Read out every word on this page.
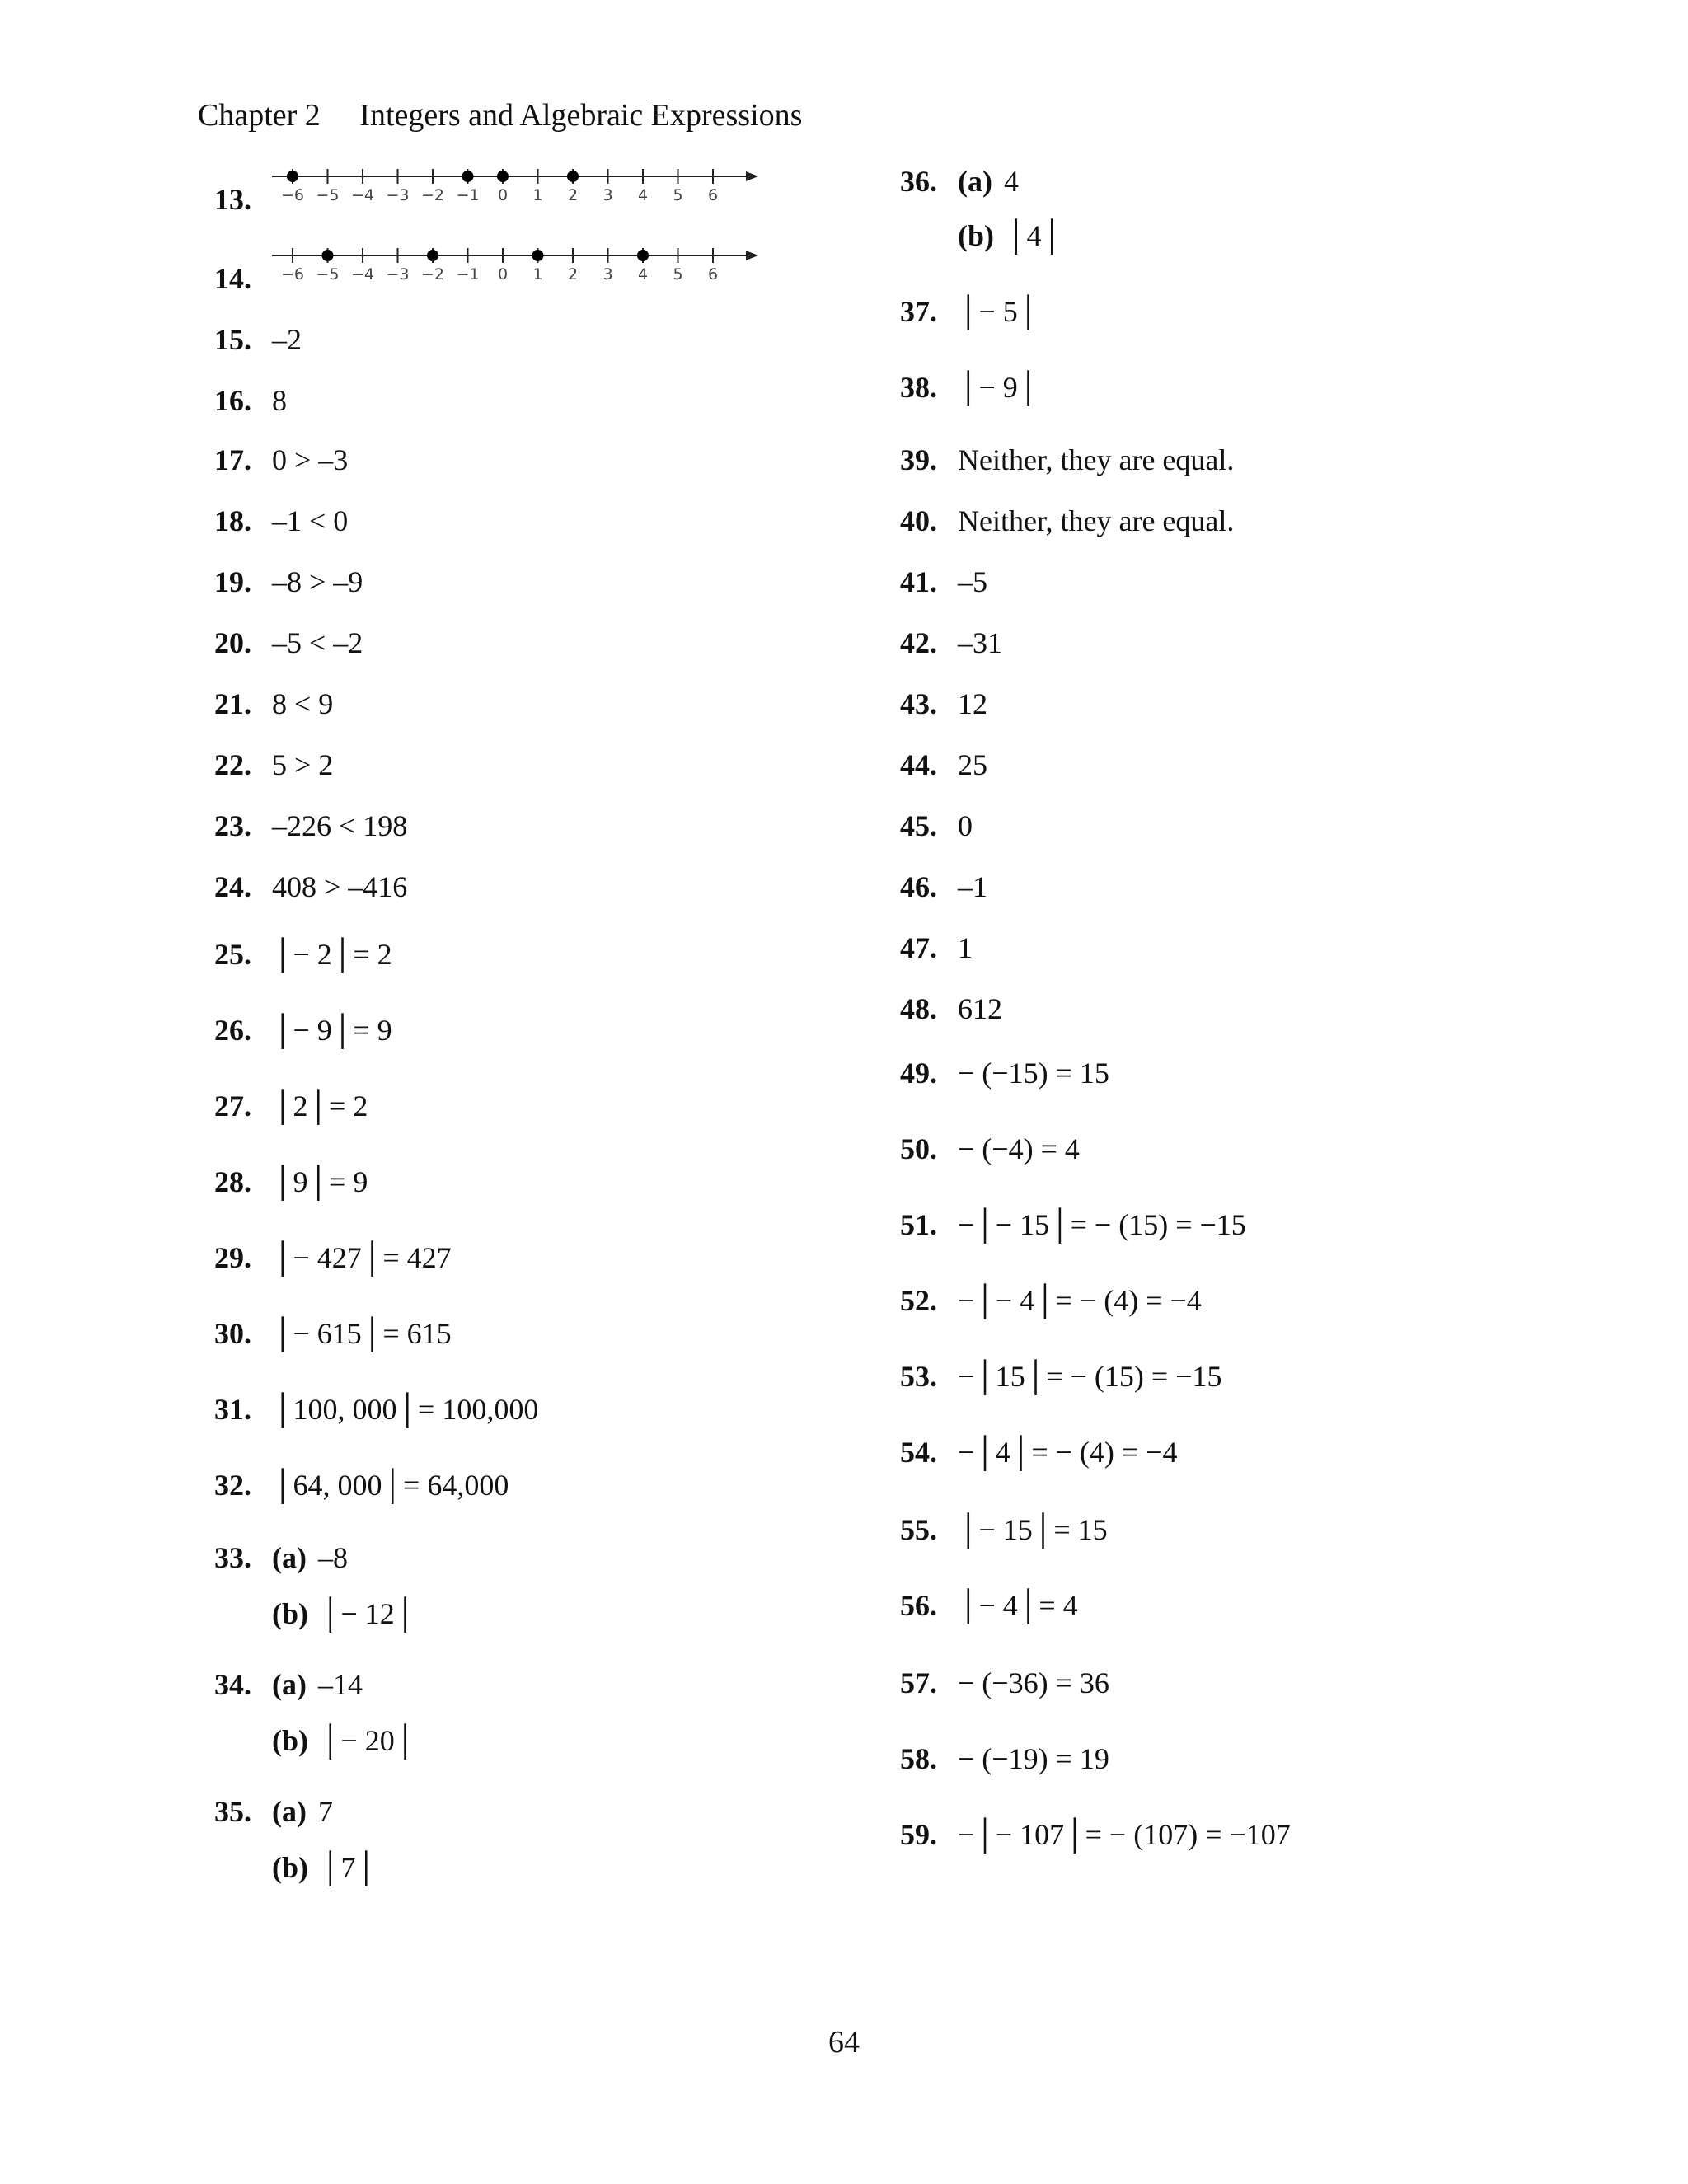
Chapter 2 Integers and Algebraic Expressions
13. −6 −5 −4 −3 −2 −1 0 1 2 3 4 5 6
14. −6 −5 −4 −3 −2 −1 0 1 2 3 4 5 6
15. –2
16. 8
17. 0 > –3
18. –1 < 0
19. –8 > –9
20. –5 < –2
21. 8 < 9
22. 5 > 2
23. –226 < 198
24. 408 > –416
25. │− 2│= 2
26. │− 9│= 9
27. │2│= 2
28. │9│= 9
29. │− 427│= 427
30. │− 615│= 615
31. │100, 000│= 100,000
32. │64, 000│= 64,000
33. (a) –8
(b) │− 12│
34. (a) –14
(b) │− 20│
35. (a) 7
(b) │7│
36. (a) 4
(b) │4│
37. │− 5│
38. │− 9│
39. Neither, they are equal.
40. Neither, they are equal.
41. –5
42. –31
43. 12
44. 25
45. 0
46. –1
47. 1
48. 612
49. − (−15) = 15
50. − (−4) = 4
51. −│− 15│= − (15) = −15
52. −│− 4│= − (4) = −4
53. −│15│= − (15) = −15
54. −│4│= − (4) = −4
55. │− 15│= 15
56. │− 4│= 4
57. − (−36) = 36
58. − (−19) = 19
59. −│− 107│= − (107) = −107
64
